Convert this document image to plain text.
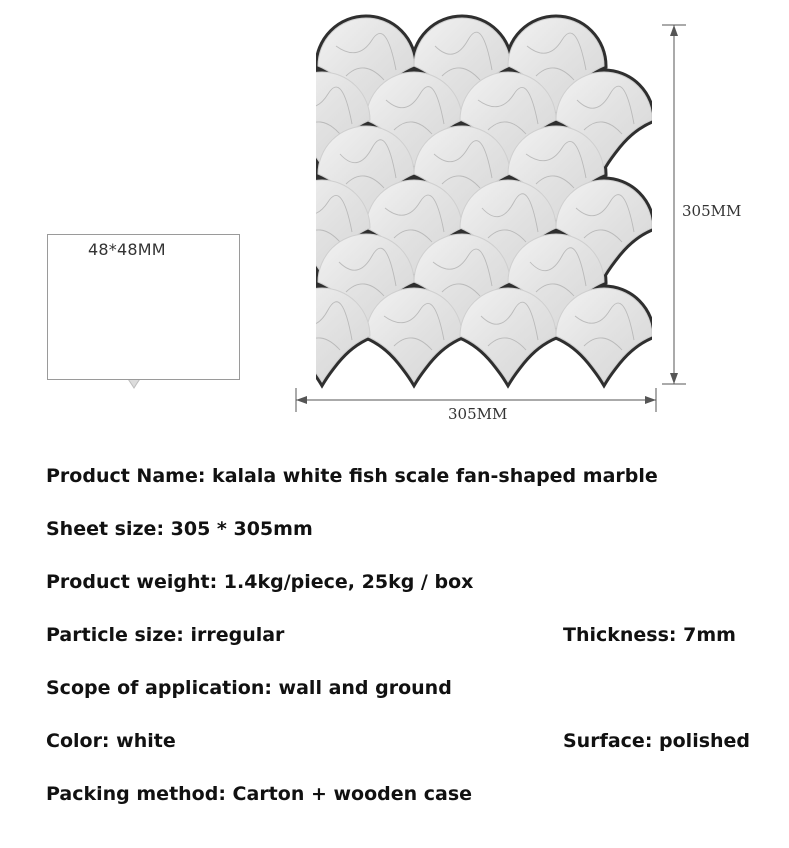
48*48MM
305MM
305MM
Product Name: kalala white fish scale fan-shaped marble
Sheet size: 305 * 305mm
Product weight: 1.4kg/piece, 25kg / box
Particle size: irregular	Thickness: 7mm
Scope of application: wall and ground
Color: white	Surface: polished
Packing method: Carton + wooden case
